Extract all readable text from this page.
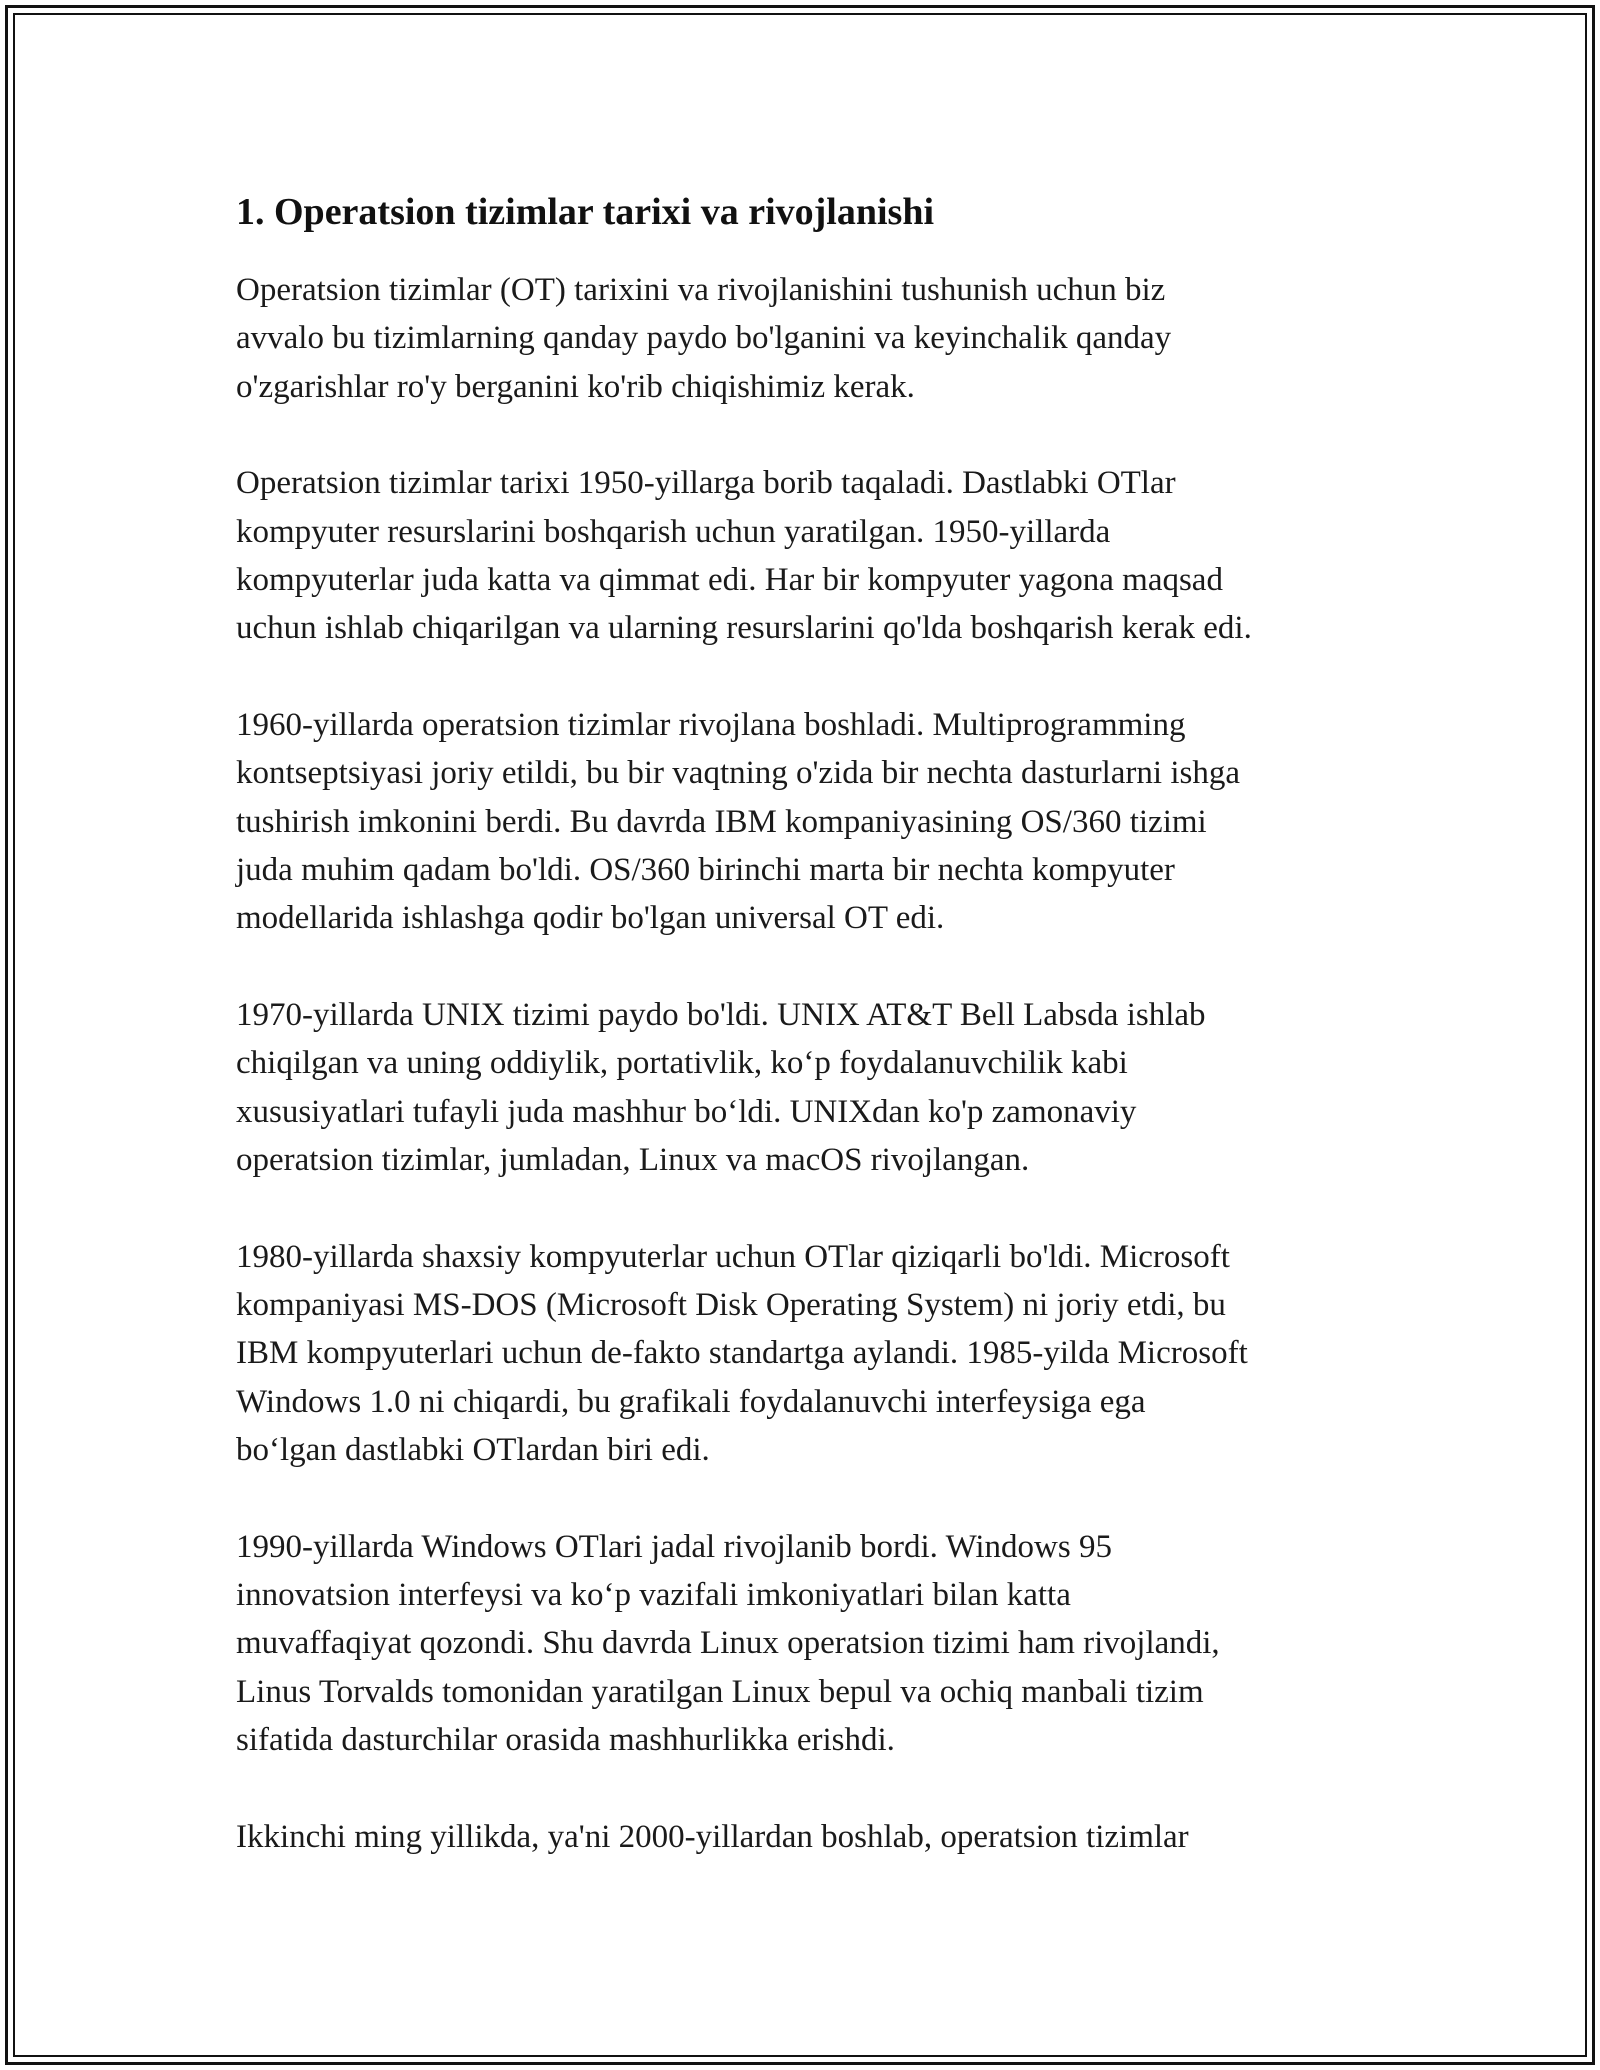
1. Operatsion tizimlar tarixi va rivojlanishi

Operatsion tizimlar (OT) tarixini va rivojlanishini tushunish uchun biz
avvalo bu tizimlarning qanday paydo bo'lganini va keyinchalik qanday
o'zgarishlar ro'y berganini ko'rib chiqishimiz kerak.

Operatsion tizimlar tarixi 1950-yillarga borib taqaladi. Dastlabki OTlar
kompyuter resurslarini boshqarish uchun yaratilgan. 1950-yillarda
kompyuterlar juda katta va qimmat edi. Har bir kompyuter yagona maqsad
uchun ishlab chiqarilgan va ularning resurslarini qo'lda boshqarish kerak edi.

1960-yillarda operatsion tizimlar rivojlana boshladi. Multiprogramming
kontseptsiyasi joriy etildi, bu bir vaqtning o'zida bir nechta dasturlarni ishga
tushirish imkonini berdi. Bu davrda IBM kompaniyasining OS/360 tizimi
juda muhim qadam bo'ldi. OS/360 birinchi marta bir nechta kompyuter
modellarida ishlashga qodir bo'lgan universal OT edi.

1970-yillarda UNIX tizimi paydo bo'ldi. UNIX AT&T Bell Labsda ishlab
chiqilgan va uning oddiylik, portativlik, ko‘p foydalanuvchilik kabi
xususiyatlari tufayli juda mashhur bo‘ldi. UNIXdan ko'p zamonaviy
operatsion tizimlar, jumladan, Linux va macOS rivojlangan.

1980-yillarda shaxsiy kompyuterlar uchun OTlar qiziqarli bo'ldi. Microsoft
kompaniyasi MS-DOS (Microsoft Disk Operating System) ni joriy etdi, bu
IBM kompyuterlari uchun de-fakto standartga aylandi. 1985-yilda Microsoft
Windows 1.0 ni chiqardi, bu grafikali foydalanuvchi interfeysiga ega
bo‘lgan dastlabki OTlardan biri edi.

1990-yillarda Windows OTlari jadal rivojlanib bordi. Windows 95
innovatsion interfeysi va ko‘p vazifali imkoniyatlari bilan katta
muvaffaqiyat qozondi. Shu davrda Linux operatsion tizimi ham rivojlandi,
Linus Torvalds tomonidan yaratilgan Linux bepul va ochiq manbali tizim
sifatida dasturchilar orasida mashhurlikka erishdi.

Ikkinchi ming yillikda, ya'ni 2000-yillardan boshlab, operatsion tizimlar
